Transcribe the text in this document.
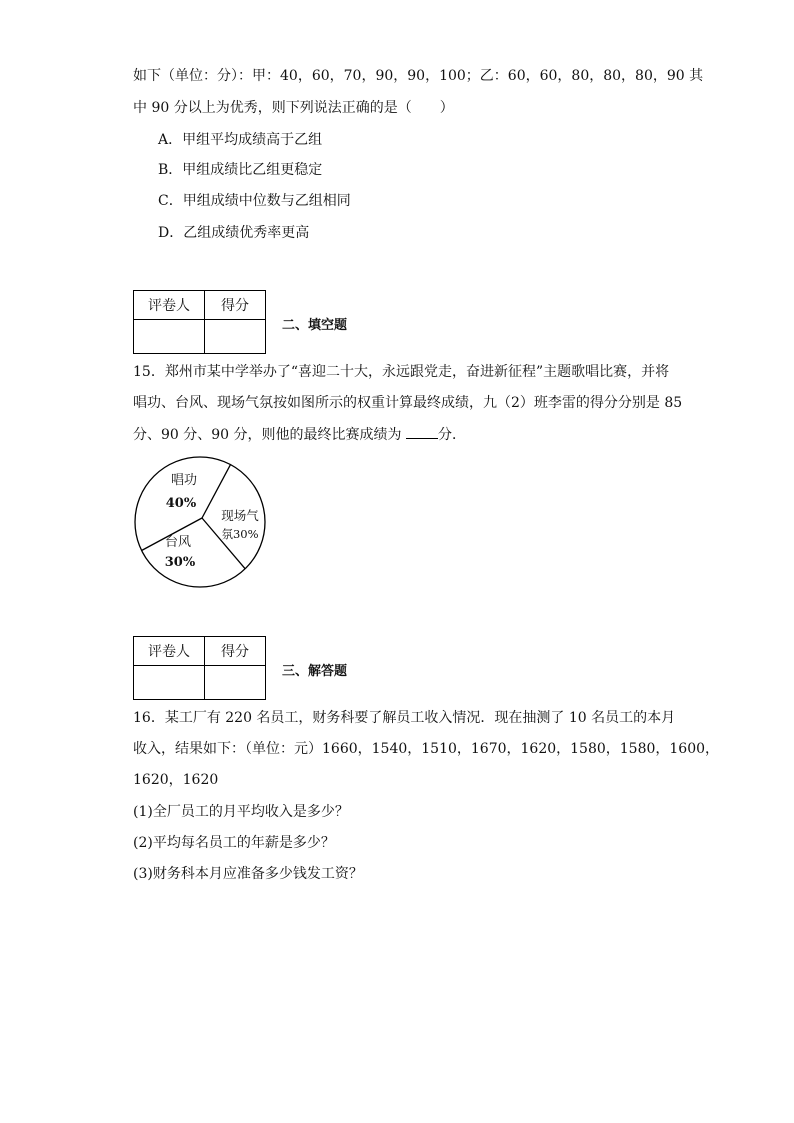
如下（单位：分）：甲：40，60，70，90，90，100；乙：60，60，80，80，80，90 其
中 90 分以上为优秀，则下列说法正确的是（　　）
A．甲组平均成绩高于乙组
B．甲组成绩比乙组更稳定
C．甲组成绩中位数与乙组相同
D．乙组成绩优秀率更高
评卷人	得分

二、填空题
15．郑州市某中学举办了“喜迎二十大，永远跟党走，奋进新征程”主题歌唱比赛，并将
唱功、台风、现场气氛按如图所示的权重计算最终成绩，九（2）班李雷的得分分别是 85
分、90 分、90 分，则他的最终比赛成绩为 分．
唱功
40%
现场气
氛30%
台风
30%
评卷人	得分

三、解答题
16．某工厂有 220 名员工，财务科要了解员工收入情况．现在抽测了 10 名员工的本月
收入，结果如下：（单位：元）1660，1540，1510，1670，1620，1580，1580，1600，
1620，1620
(1)全厂员工的月平均收入是多少？
(2)平均每名员工的年薪是多少？
(3)财务科本月应准备多少钱发工资？
